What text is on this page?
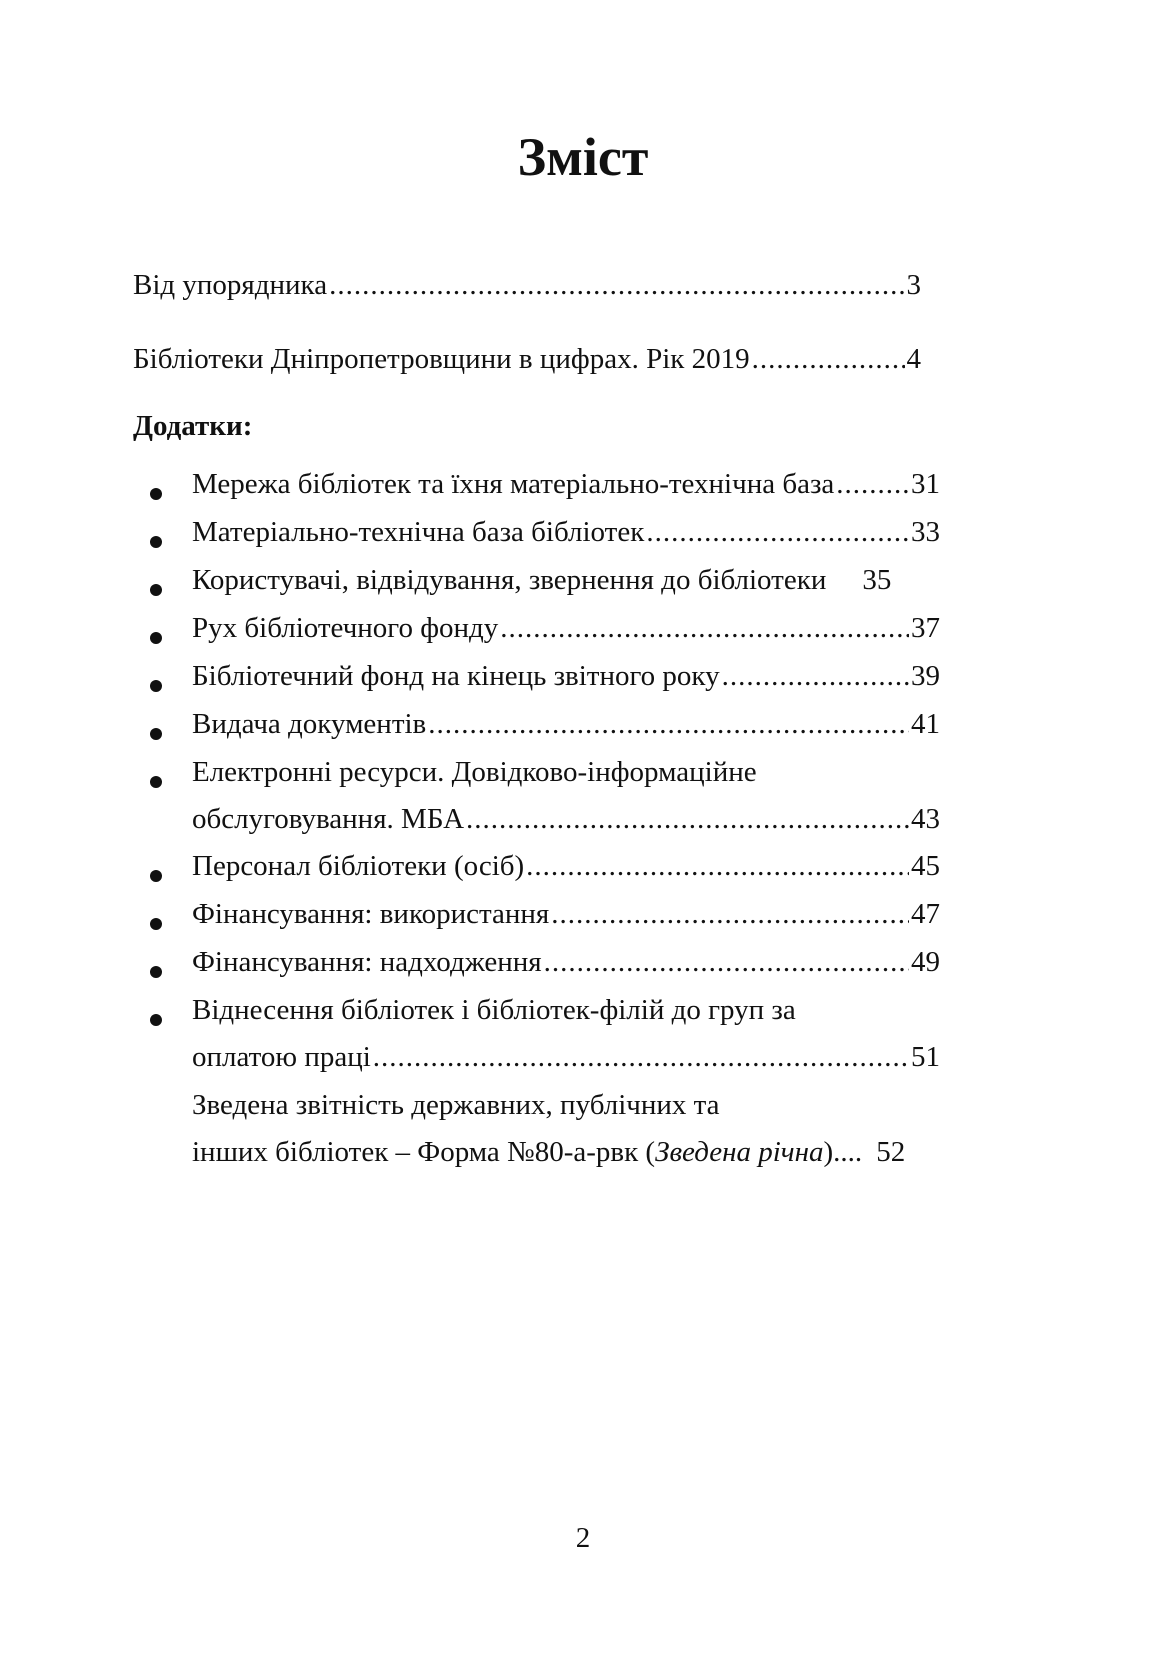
Зміст
Від упорядника .....	3
Бібліотеки Дніпропетровщини в цифрах. Рік 2019 .....	4
Додатки:
Мережа бібліотек та їхня матеріально-технічна база .....	31
Матеріально-технічна база бібліотек .....	33
Користувачі, відвідування, звернення до бібліотеки 35
Рух бібліотечного фонду .....	37
Бібліотечний фонд на кінець звітного року .....	39
Видача документів .....	41
Електронні ресурси. Довідково-інформаційне
обслуговування. МБА .....	43
Персонал бібліотеки (осіб) .....	45
Фінансування: використання .....	47
Фінансування: надходження .....	49
Віднесення бібліотек і бібліотек-філій до груп за
оплатою праці .....	51
Зведена звітність державних, публічних та
інших бібліотек – Форма №80-а-рвк (Зведена річна).... 52
2
